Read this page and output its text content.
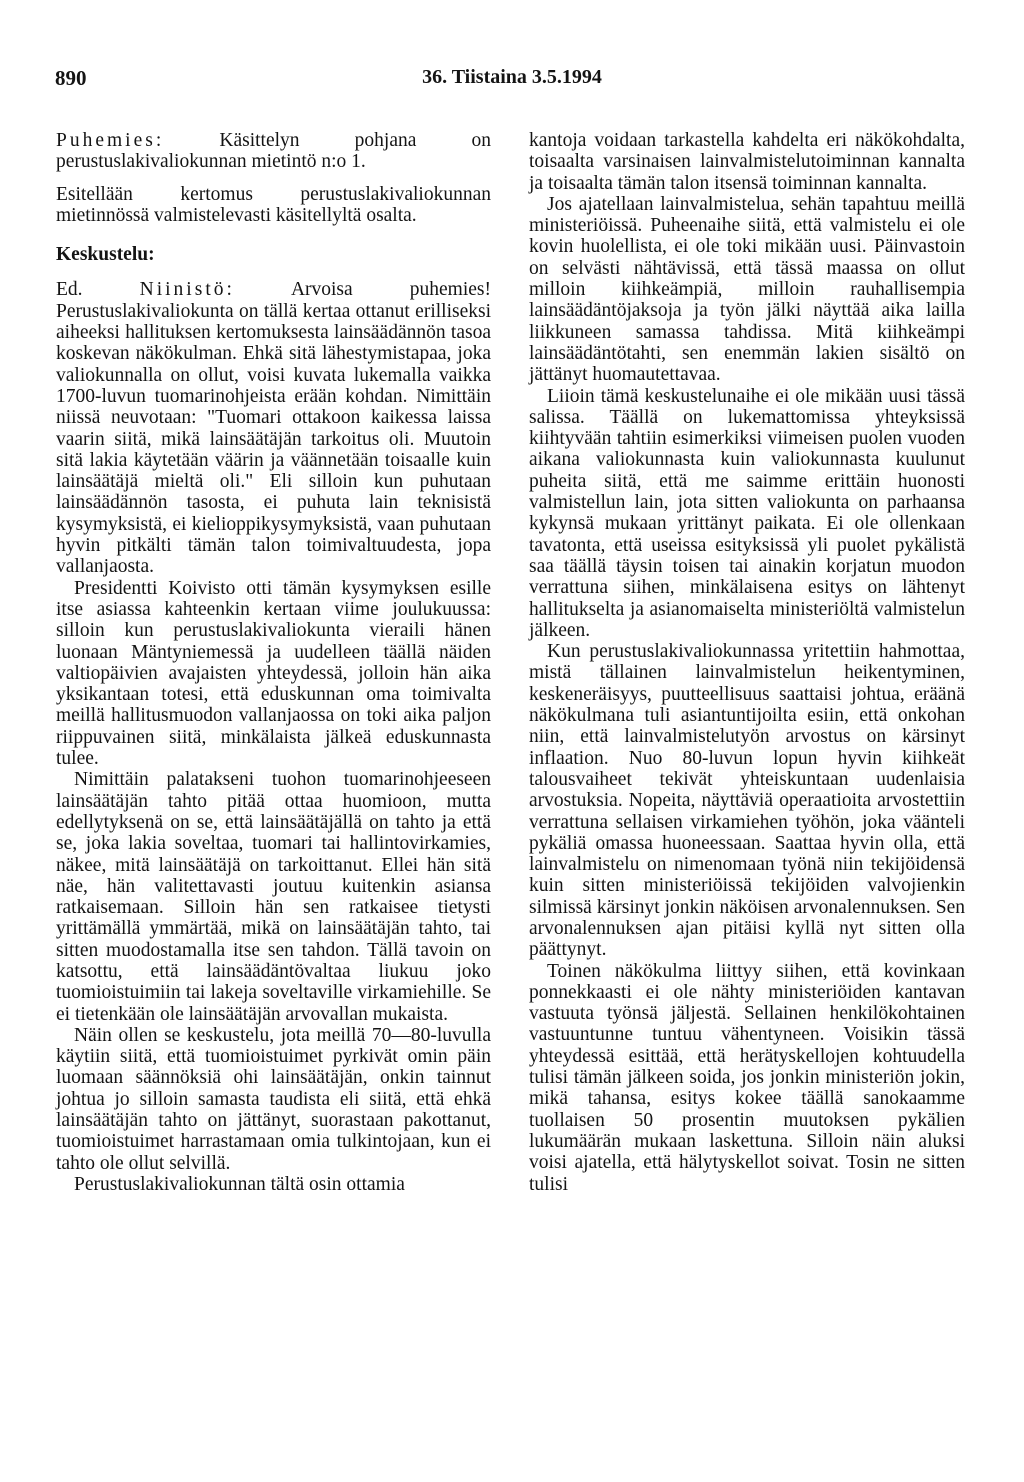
890	36. Tiistaina 3.5.1994

Puhemies:	Käsittelyn pohjana on perustuslakivaliokunnan mietintö n:o 1.

Esitellään kertomus perustuslakivaliokunnan mietinnössä valmistelevasti käsitellyltä osalta.

Keskustelu:

Ed.	Niinistö:	Arvoisa puhemies! Perustuslakivaliokunta on tällä kertaa ottanut erilliseksi aiheeksi hallituksen kertomuksesta lainsäädännön tasoa koskevan näkökulman. Ehkä sitä lähestymistapaa, joka valiokunnalla on ollut, voisi kuvata lukemalla vaikka 1700-luvun tuomarinohjeista erään kohdan. Nimittäin niissä neuvotaan: "Tuomari ottakoon kaikessa laissa vaarin siitä, mikä lainsäätäjän tarkoitus oli. Muutoin sitä lakia käytetään väärin ja väännetään toisaalle kuin lainsäätäjä mieltä oli." Eli silloin kun puhutaan lainsäädännön tasosta, ei puhuta lain teknisistä kysymyksistä, ei kielioppikysymyksistä, vaan puhutaan hyvin pitkälti tämän talon toimivaltuudesta, jopa vallanjaosta.

Presidentti Koivisto otti tämän kysymyksen esille itse asiassa kahteenkin kertaan viime joulukuussa: silloin kun perustuslakivaliokunta vieraili hänen luonaan Mäntyniemessä ja uudelleen täällä näiden valtiopäivien avajaisten yhteydessä, jolloin hän aika yksikantaan totesi, että eduskunnan oma toimivalta meillä hallitusmuodon vallanjaossa on toki aika paljon riippuvainen siitä, minkälaista jälkeä eduskunnasta tulee.

Nimittäin palatakseni tuohon tuomarinohjeeseen lainsäätäjän tahto pitää ottaa huomioon, mutta edellytyksenä on se, että lainsäätäjällä on tahto ja että se, joka lakia soveltaa, tuomari tai hallintovirkamies, näkee, mitä lainsäätäjä on tarkoittanut. Ellei hän sitä näe, hän valitettavasti joutuu kuitenkin asiansa ratkaisemaan. Silloin hän sen ratkaisee tietysti yrittämällä ymmärtää, mikä on lainsäätäjän tahto, tai sitten muodostamalla itse sen tahdon. Tällä tavoin on katsottu, että lainsäädäntövaltaa liukuu joko tuomioistuimiin tai lakeja soveltaville virkamiehille. Se ei tietenkään ole lainsäätäjän arvovallan mukaista.

Näin ollen se keskustelu, jota meillä 70—80-luvulla käytiin siitä, että tuomioistuimet pyrkivät omin päin luomaan säännöksiä ohi lainsäätäjän, onkin tainnut johtua jo silloin samasta taudista eli siitä, että ehkä lainsäätäjän tahto on jättänyt, suorastaan pakottanut, tuomioistuimet harrastamaan omia tulkintojaan, kun ei tahto ole ollut selvillä.

Perustuslakivaliokunnan tältä osin ottamia

kantoja voidaan tarkastella kahdelta eri näkökohdalta, toisaalta varsinaisen lainvalmistelutoiminnan kannalta ja toisaalta tämän talon itsensä toiminnan kannalta.

Jos ajatellaan lainvalmistelua, sehän tapahtuu meillä ministeriöissä. Puheenaihe siitä, että valmistelu ei ole kovin huolellista, ei ole toki mikään uusi. Päinvastoin on selvästi nähtävissä, että tässä maassa on ollut milloin kiihkeämpiä, milloin rauhallisempia lainsäädäntöjaksoja ja työn jälki näyttää aika lailla liikkuneen samassa tahdissa. Mitä kiihkeämpi lainsäädäntötahti, sen enemmän lakien sisältö on jättänyt huomautettavaa.

Liioin tämä keskustelunaihe ei ole mikään uusi tässä salissa. Täällä on lukemattomissa yhteyksissä kiihtyvään tahtiin esimerkiksi viimeisen puolen vuoden aikana valiokunnasta kuin valiokunnasta kuulunut puheita siitä, että me saimme erittäin huonosti valmistellun lain, jota sitten valiokunta on parhaansa kykynsä mukaan yrittänyt paikata. Ei ole ollenkaan tavatonta, että useissa esityksissä yli puolet pykälistä saa täällä täysin toisen tai ainakin korjatun muodon verrattuna siihen, minkälaisena esitys on lähtenyt hallitukselta ja asianomaiselta ministeriöltä valmistelun jälkeen.

Kun perustuslakivaliokunnassa yritettiin hahmottaa, mistä tällainen lainvalmistelun heikentyminen, keskeneräisyys, puutteellisuus saattaisi johtua, eräänä näkökulmana tuli asiantuntijoilta esiin, että onkohan niin, että lainvalmistelutyön arvostus on kärsinyt inflaation. Nuo 80-luvun lopun hyvin kiihkeät talousvaiheet tekivät yhteiskuntaan uudenlaisia arvostuksia. Nopeita, näyttäviä operaatioita arvostettiin verrattuna sellaisen virkamiehen työhön, joka väänteli pykäliä omassa huoneessaan. Saattaa hyvin olla, että lainvalmistelu on nimenomaan työnä niin tekijöidensä kuin sitten ministeriöissä tekijöiden valvojienkin silmissä kärsinyt jonkin näköisen arvonalennuksen. Sen arvonalennuksen ajan pitäisi kyllä nyt sitten olla päättynyt.

Toinen näkökulma liittyy siihen, että kovinkaan ponnekkaasti ei ole nähty ministeriöiden kantavan vastuuta työnsä jäljestä. Sellainen henkilökohtainen vastuuntunne tuntuu vähentyneen. Voisikin tässä yhteydessä esittää, että herätyskellojen kohtuudella tulisi tämän jälkeen soida, jos jonkin ministeriön jokin, mikä tahansa, esitys kokee täällä sanokaamme tuollaisen 50 prosentin muutoksen pykälien lukumäärän mukaan laskettuna. Silloin näin aluksi voisi ajatella, että hälytyskellot soivat. Tosin ne sitten tulisi
